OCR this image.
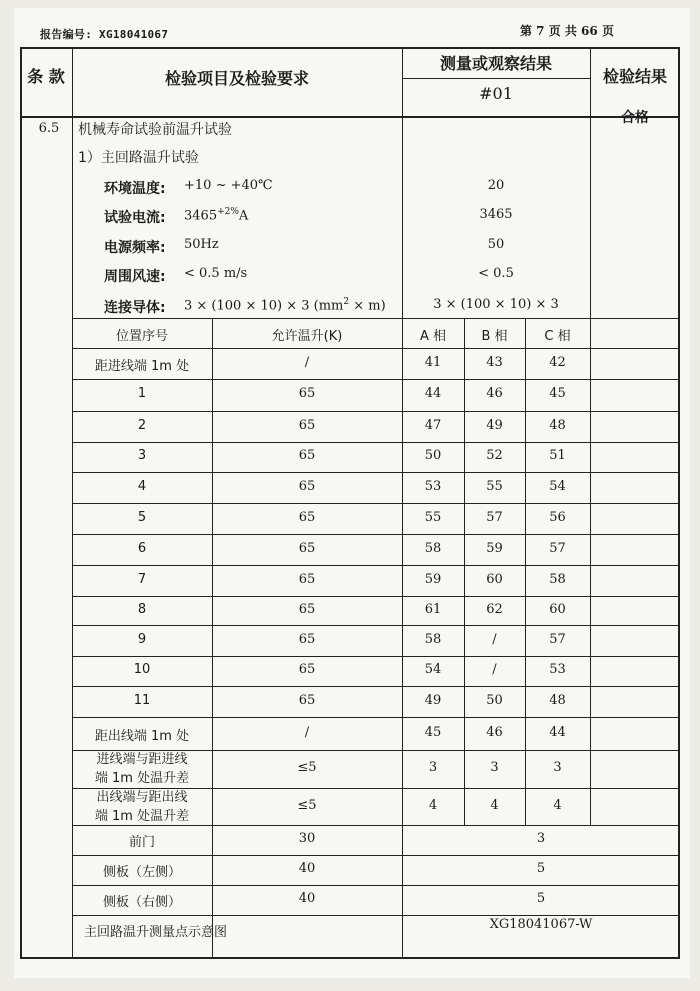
报告编号: XG18041067	第 7 页 共 66 页
条 款	检验项目及检验要求
测量或观察结果
#01
检验结果
6.5	机械寿命试验前温升试验
1）主回路温升试验
合格
环境温度:	+10 ~ +40℃	20
试验电流:	$3465^{+2\%}A$	3465
电源频率:	50Hz	50
周围风速:	< 0.5 m/s	< 0.5
连接导体:	3 × (100 × 10) × 3 $(mm^2 \times m)$	3 × (100 × 10) × 3
位置序号	允许温升(K)	A 相	B 相	C 相
距进线端 1m 处	/	41	43	42
1	65	44	46	45
2	65	47	49	48
3	65	50	52	51
4	65	53	55	54
5	65	55	57	56
6	65	58	59	57
7	65	59	60	58
8	65	61	62	60
9	65	58	/	57
10	65	54	/	53
11	65	49	50	48
距出线端 1m 处	/	45	46	44
进线端与距进线
端 1m 处温升差
≤5	3	3	3
出线端与距出线
端 1m 处温升差
≤5	4	4	4
前门	30	3
侧板（左侧）	40	5
侧板（右侧）	40	5
主回路温升测量点示意图
XG18041067-W
